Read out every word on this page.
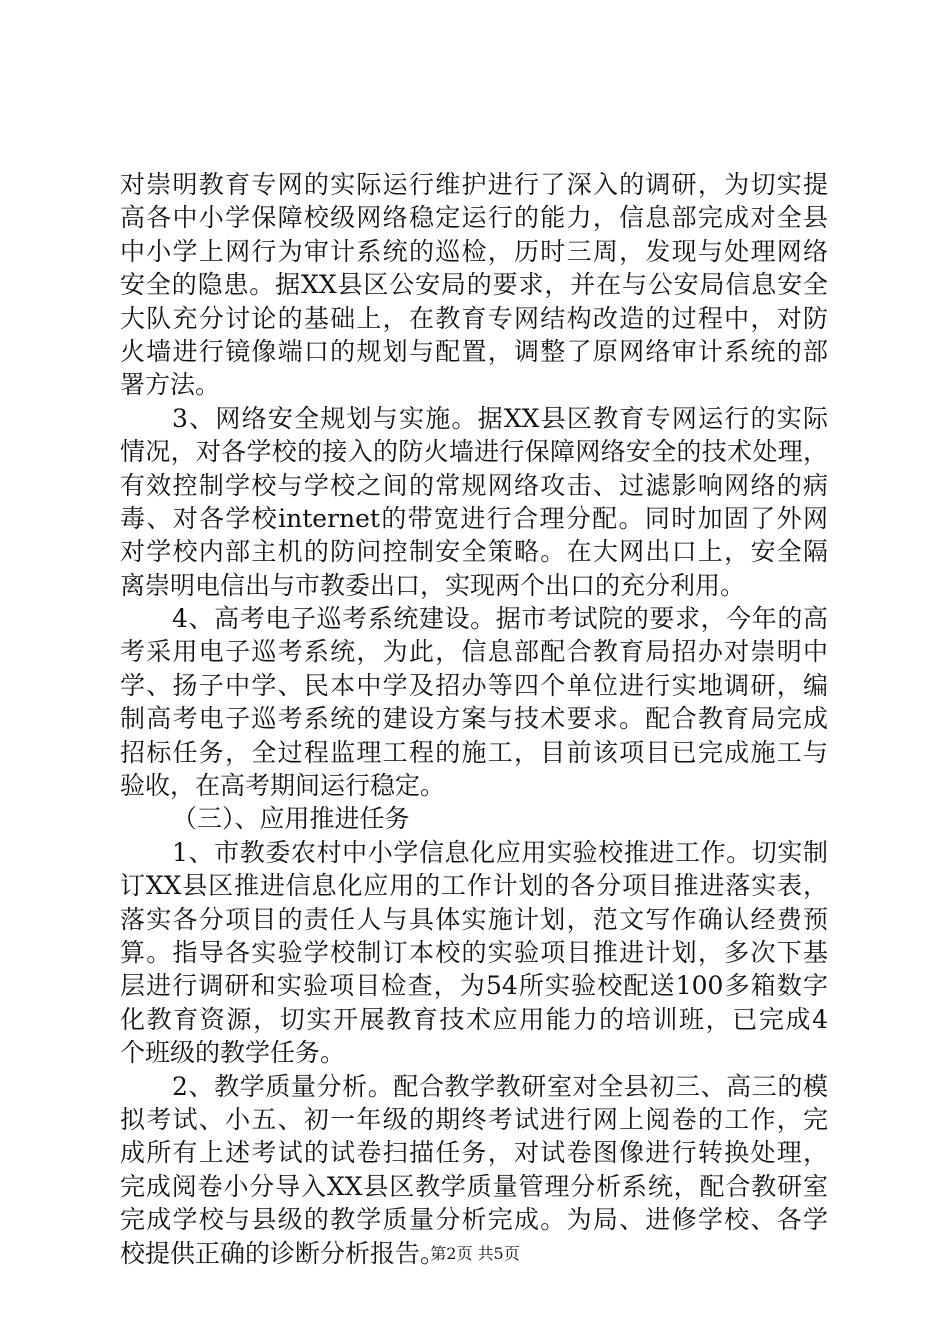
对崇明教育专网的实际运行维护进行了深入的调研，为切实提
高各中小学保障校级网络稳定运行的能力，信息部完成对全县
中小学上网行为审计系统的巡检，历时三周，发现与处理网络
安全的隐患。据XX县区公安局的要求，并在与公安局信息安全
大队充分讨论的基础上，在教育专网结构改造的过程中，对防
火墙进行镜像端口的规划与配置，调整了原网络审计系统的部
署方法。
3、网络安全规划与实施。据XX县区教育专网运行的实际
情况，对各学校的接入的防火墙进行保障网络安全的技术处理，
有效控制学校与学校之间的常规网络攻击、过滤影响网络的病
毒、对各学校internet的带宽进行合理分配。同时加固了外网
对学校内部主机的防问控制安全策略。在大网出口上，安全隔
离崇明电信出与市教委出口，实现两个出口的充分利用。
4、高考电子巡考系统建设。据市考试院的要求，今年的高
考采用电子巡考系统，为此，信息部配合教育局招办对崇明中
学、扬子中学、民本中学及招办等四个单位进行实地调研，编
制高考电子巡考系统的建设方案与技术要求。配合教育局完成
招标任务，全过程监理工程的施工，目前该项目已完成施工与
验收，在高考期间运行稳定。
（三）、应用推进任务
1、市教委农村中小学信息化应用实验校推进工作。切实制
订XX县区推进信息化应用的工作计划的各分项目推进落实表，
落实各分项目的责任人与具体实施计划，范文写作确认经费预
算。指导各实验学校制订本校的实验项目推进计划，多次下基
层进行调研和实验项目检查，为54所实验校配送100多箱数字
化教育资源，切实开展教育技术应用能力的培训班，已完成4
个班级的教学任务。
2、教学质量分析。配合教学教研室对全县初三、高三的模
拟考试、小五、初一年级的期终考试进行网上阅卷的工作，完
成所有上述考试的试卷扫描任务，对试卷图像进行转换处理，
完成阅卷小分导入XX县区教学质量管理分析系统，配合教研室
完成学校与县级的教学质量分析完成。为局、进修学校、各学
校提供正确的诊断分析报告。
第2页 共5页
